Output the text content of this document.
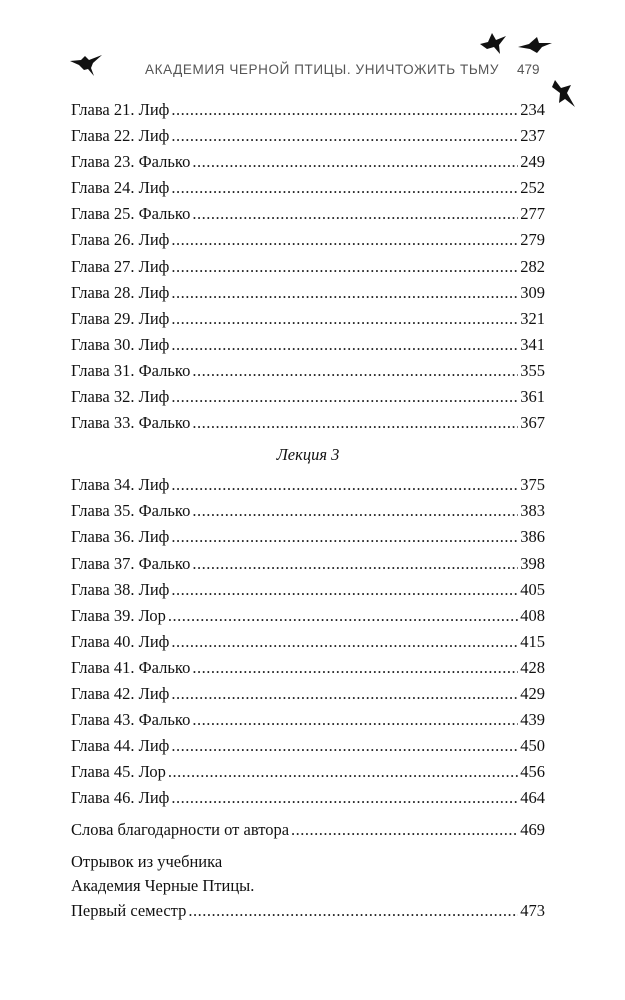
АКАДЕМИЯ ЧЕРНОЙ ПТИЦЫ. УНИЧТОЖИТЬ ТЬМУ 479
Глава 21. Лиф .....	234
Глава 22. Лиф .....	237
Глава 23. Фалько .....	249
Глава 24. Лиф .....	252
Глава 25. Фалько .....	277
Глава 26. Лиф .....	279
Глава 27. Лиф .....	282
Глава 28. Лиф .....	309
Глава 29. Лиф .....	321
Глава 30. Лиф .....	341
Глава 31. Фалько .....	355
Глава 32. Лиф .....	361
Глава 33. Фалько .....	367
Лекция 3
Глава 34. Лиф .....	375
Глава 35. Фалько .....	383
Глава 36. Лиф .....	386
Глава 37. Фалько .....	398
Глава 38. Лиф .....	405
Глава 39. Лор .....	408
Глава 40. Лиф .....	415
Глава 41. Фалько .....	428
Глава 42. Лиф .....	429
Глава 43. Фалько .....	439
Глава 44. Лиф .....	450
Глава 45. Лор .....	456
Глава 46. Лиф .....	464
Слова благодарности от автора .....	469
Отрывок из учебника
Академия Черные Птицы.
Первый семестр .....	473
